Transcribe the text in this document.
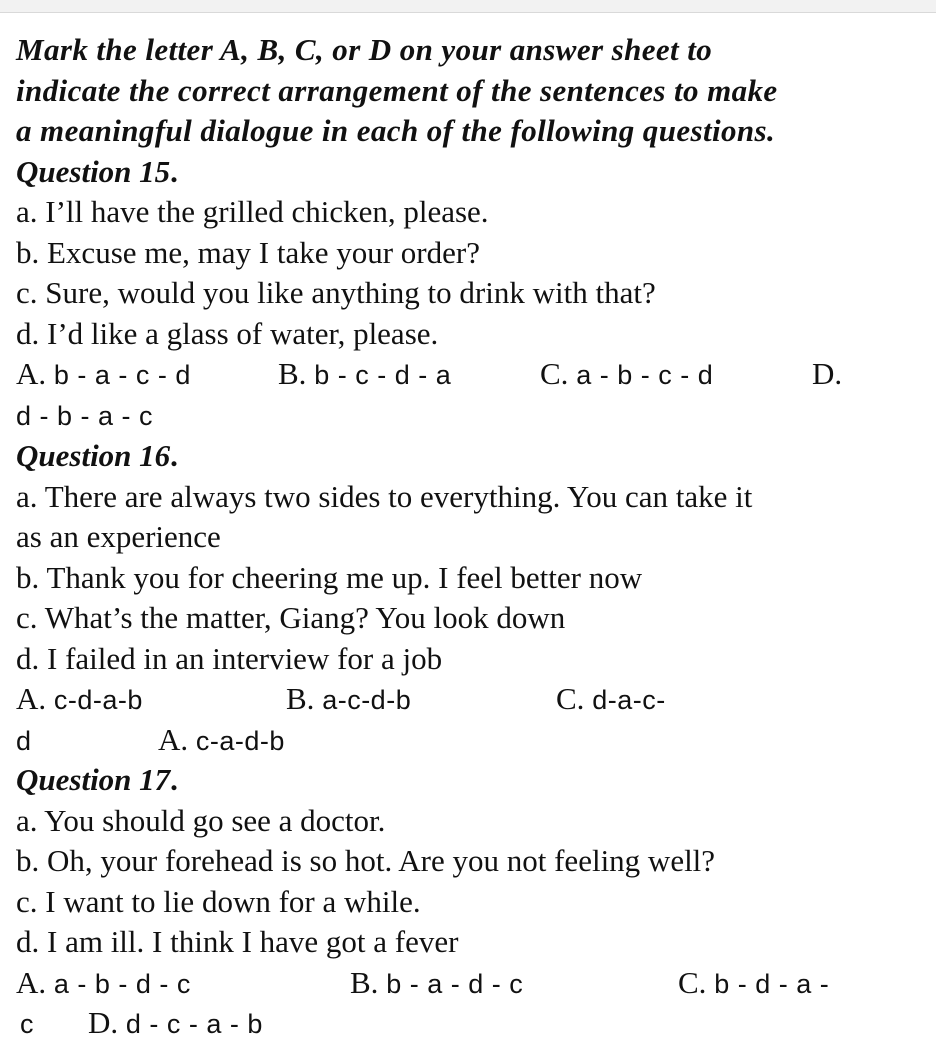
Mark the letter A, B, C, or D on your answer sheet to
indicate the correct arrangement of the sentences to make
a meaningful dialogue in each of the following questions.
Question 15.
a. I’ll have the grilled chicken, please.
b. Excuse me, may I take your order?
c. Sure, would you like anything to drink with that?
d. I’d like a glass of water, please.
A. b - a - c - d	B. b - c - d - a	C. a - b - c - d	D.
d - b - a - c
Question 16.
a. There are always two sides to everything. You can take it
as an experience
b. Thank you for cheering me up. I feel better now
c. What’s the matter, Giang? You look down
d. I failed in an interview for a job
A. c-d-a-b	B. a-c-d-b	C. d-a-c-
d	A. c-a-d-b
Question 17.
a. You should go see a doctor.
b. Oh, your forehead is so hot. Are you not feeling well?
c. I want to lie down for a while.
d. I am ill. I think I have got a fever
A. a - b - d - c	B. b - a - d - c	C. b - d - a -
c D. d - c - a - b
